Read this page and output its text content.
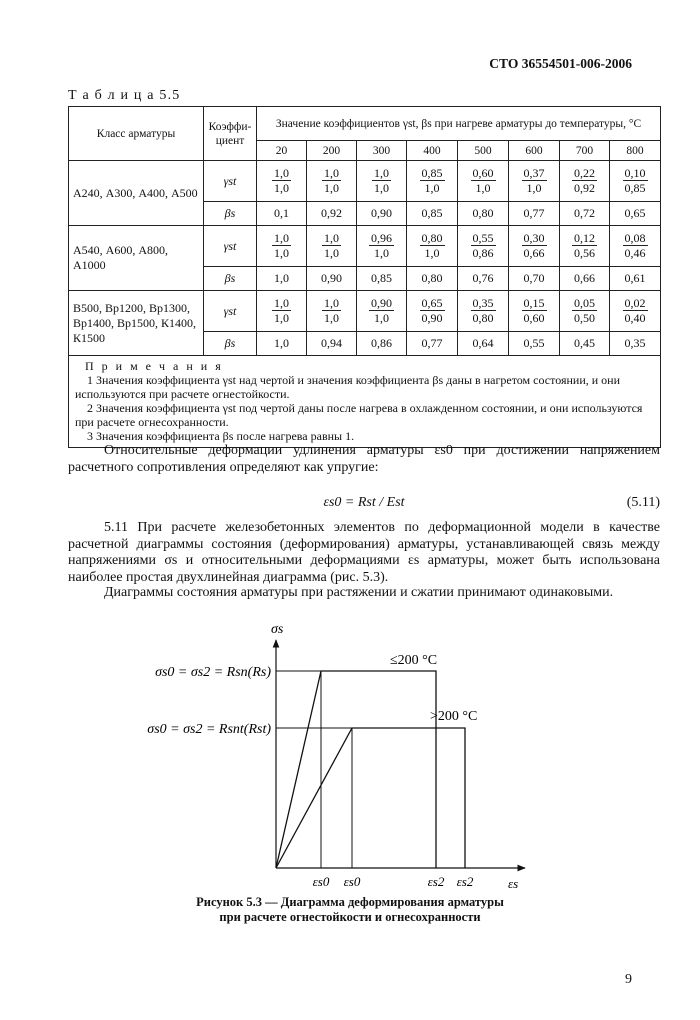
СТО 36554501-006-2006
Т а б л и ц а 5.5
Класс арматуры	Коэффи-циент	Значение коэффициентов γst, βs при нагреве арматуры до температуры, °С							
		20	200	300	400	500	600	700	800
А240, А300, А400, А500	γst	$\frac{1,0}{1,0}$	$\frac{1,0}{1,0}$	$\frac{1,0}{1,0}$	$\frac{0,85}{1,0}$	$\frac{0,60}{1,0}$	$\frac{0,37}{1,0}$	$\frac{0,22}{0,92}$	$\frac{0,10}{0,85}$

	βs	0,1	0,92	0,90	0,85	0,80	0,77	0,72	0,65
А540, А600, А800, А1000	γst	$\frac{1,0}{1,0}$	$\frac{1,0}{1,0}$	$\frac{0,96}{1,0}$	$\frac{0,80}{1,0}$	$\frac{0,55}{0,86}$	$\frac{0,30}{0,66}$	$\frac{0,12}{0,56}$	$\frac{0,08}{0,46}$

	βs	1,0	0,90	0,85	0,80	0,76	0,70	0,66	0,61
В500, Вр1200, Вр1300, Вр1400, Вр1500, К1400, К1500	γst	$\frac{1,0}{1,0}$	$\frac{1,0}{1,0}$	$\frac{0,90}{1,0}$	$\frac{0,65}{0,90}$	$\frac{0,35}{0,80}$	$\frac{0,15}{0,60}$	$\frac{0,05}{0,50}$	$\frac{0,02}{0,40}$

	βs	1,0	0,94	0,86	0,77	0,64	0,55	0,45	0,35

П р и м е ч а н и я
1 Значения коэффициента γst над чертой и значения коэффициента βs даны в нагретом состоянии, и они используются при расчете огнестойкости.
2 Значения коэффициента γst под чертой даны после нагрева в охлажденном состоянии, и они используются при расчете огнесохранности.
3 Значения коэффициента βs после нагрева равны 1.									
Относительные деформации удлинения арматуры εs0 при достижении напряжением расчетного сопротивления определяют как упругие:
εs0 = Rst / Est	(5.11)
5.11 При расчете железобетонных элементов по деформационной модели в качестве расчетной диаграммы состояния (деформирования) арматуры, устанавливающей связь между напряжениями σs и относительными деформациями εs арматуры, может быть использована наиболее простая двухлинейная диаграмма (рис. 5.3).
Диаграммы состояния арматуры при растяжении и сжатии принимают одинаковыми.
σs
εs
σs0 = σs2 = Rsn(Rs)
σs0 = σs2 = Rsnt(Rst)
≤200 °C
>200 °C
εs0 εs0	εs2 εs2
Рисунок 5.3 — Диаграмма деформирования арматуры
при расчете огнестойкости и огнесохранности
9
